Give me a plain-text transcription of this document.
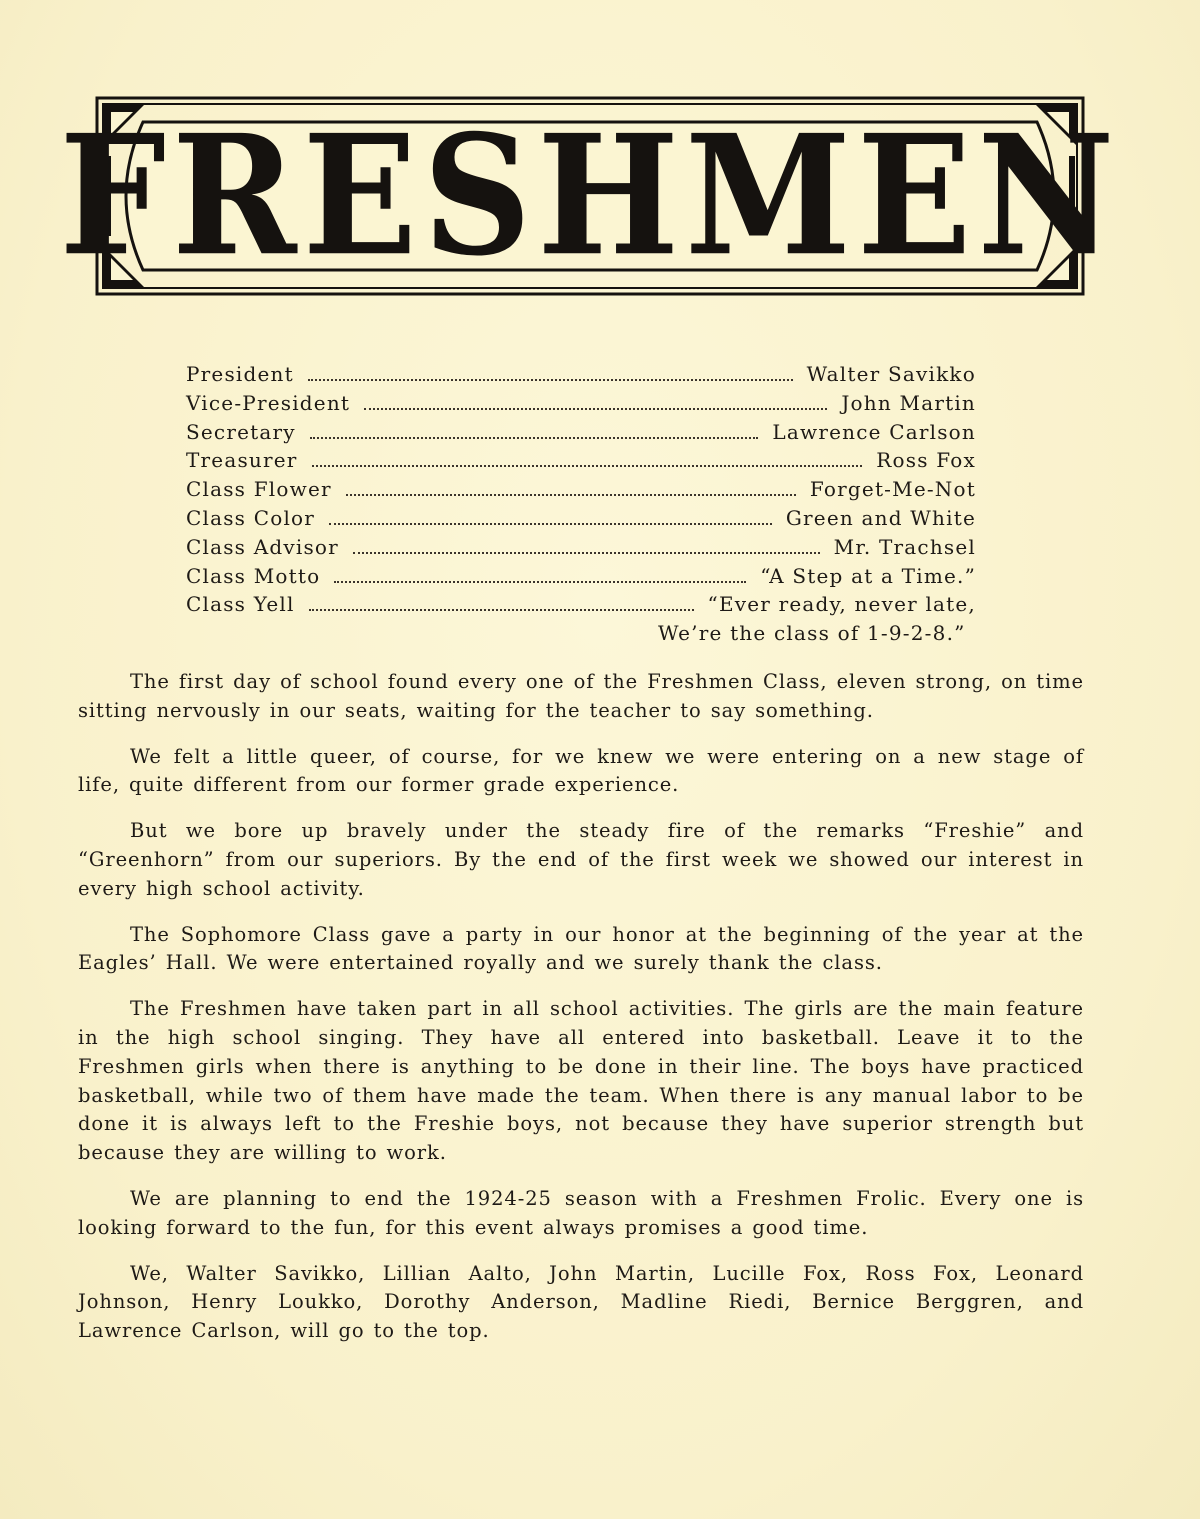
FRESHMEN
President	Walter Savikko
Vice-President	John Martin
Secretary	Lawrence Carlson
Treasurer	Ross Fox
Class Flower	Forget-Me-Not
Class Color	Green and White
Class Advisor	Mr. Trachsel
Class Motto	“A Step at a Time.”
Class Yell	“Ever ready, never late,
We’re the class of 1-9-2-8.”

The first day of school found every one of the Freshmen Class, eleven strong, on time sitting nervously in our seats, waiting for the teacher to say something.

We felt a little queer, of course, for we knew we were entering on a new stage of life, quite different from our former grade experience.

But we bore up bravely under the steady fire of the remarks “Freshie” and “Greenhorn” from our superiors. By the end of the first week we showed our interest in every high school activity.

The Sophomore Class gave a party in our honor at the beginning of the year at the Eagles’ Hall. We were entertained royally and we surely thank the class.

The Freshmen have taken part in all school activities. The girls are the main feature in the high school singing. They have all entered into basketball. Leave it to the Freshmen girls when there is anything to be done in their line. The boys have practiced basketball, while two of them have made the team. When there is any manual labor to be done it is always left to the Freshie boys, not because they have superior strength but because they are willing to work.

We are planning to end the 1924-25 season with a Freshmen Frolic. Every one is looking forward to the fun, for this event always promises a good time.

We, Walter Savikko, Lillian Aalto, John Martin, Lucille Fox, Ross Fox, Leonard Johnson, Henry Loukko, Dorothy Anderson, Madline Riedi, Bernice Berggren, and Lawrence Carlson, will go to the top.
